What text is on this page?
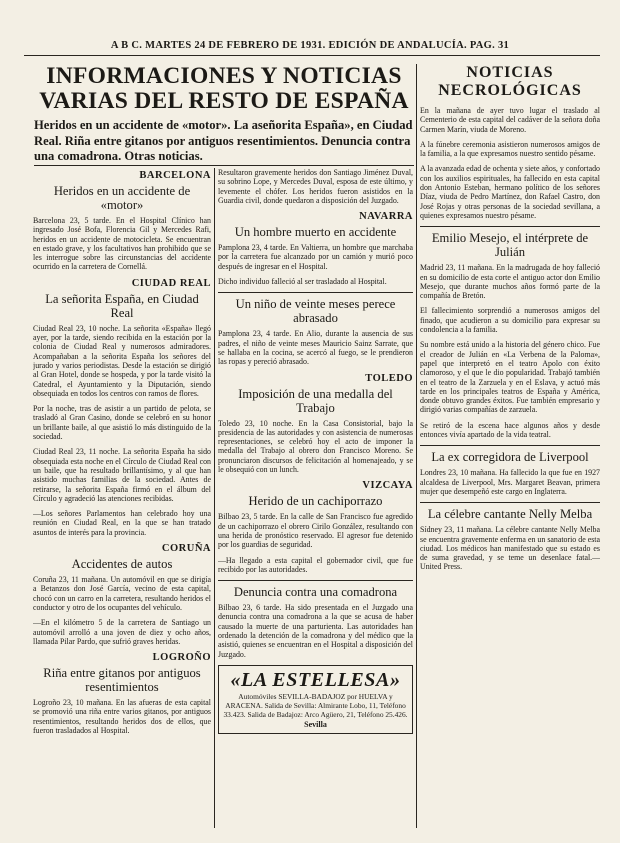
A B C. MARTES 24 DE FEBRERO DE 1931. EDICIÓN DE ANDALUCÍA. PAG. 31
INFORMACIONES Y NOTICIAS VARIAS DEL RESTO DE ESPAÑA
Heridos en un accidente de «motor». La aseñorita España», en Ciudad Real. Riña entre gitanos por antiguos resentimientos. Denuncia contra una comadrona. Otras noticias.
BARCELONA
Heridos en un accidente de «motor»

Barcelona 23, 5 tarde. En el Hospital Clínico han ingresado José Bofa, Florencia Gil y Mercedes Rafi, heridos en un accidente de motocicleta. Se encuentran en estado grave, y los facultativos han prohibido que se les interrogue sobre las circunstancias del accidente ocurrido en la carretera de Cornellá.

CIUDAD REAL
La señorita España, en Ciudad Real

Ciudad Real 23, 10 noche. La señorita «España» llegó ayer, por la tarde, siendo recibida en la estación por la colonia de Ciudad Real y numerosos admiradores. Acompañaban a la señorita España los señores del jurado y varios periodistas. Desde la estación se dirigió al Gran Hotel, donde se hospeda, y por la tarde visitó la Catedral, el Ayuntamiento y la Diputación, siendo obsequiada en todos los centros con ramos de flores.

Por la noche, tras de asistir a un partido de pelota, se trasladó al Gran Casino, donde se celebró en su honor un brillante baile, al que asistió lo más distinguido de la sociedad.

Ciudad Real 23, 11 noche. La señorita España ha sido obsequiada esta noche en el Círculo de Ciudad Real con un baile, que ha resultado brillantísimo, y al que han asistido muchas familias de la sociedad. Antes de retirarse, la señorita España firmó en el álbum del Círculo y agradeció las atenciones recibidas.

—Los señores Parlamentos han celebrado hoy una reunión en Ciudad Real, en la que se han tratado asuntos de interés para la provincia.

CORUÑA
Accidentes de autos

Coruña 23, 11 mañana. Un automóvil en que se dirigía a Betanzos don José García, vecino de esta capital, chocó con un carro en la carretera, resultando heridos el conductor y otro de los ocupantes del vehículo.

—En el kilómetro 5 de la carretera de Santiago un automóvil arrolló a una joven de diez y ocho años, llamada Pilar Pardo, que sufrió graves heridas.

LOGROÑO
Riña entre gitanos por antiguos resentimientos

Logroño 23, 10 mañana. En las afueras de esta capital se promovió una riña entre varios gitanos, por antiguos resentimientos, resultando heridos dos de ellos, que fueron trasladados al Hospital.

Resultaron gravemente heridos don Santiago Jiménez Duval, su sobrino Lope, y Mercedes Duval, esposa de este último, y levemente el chófer. Los heridos fueron asistidos en la Guardia civil, donde quedaron a disposición del Juzgado.

NAVARRA
Un hombre muerto en accidente

Pamplona 23, 4 tarde. En Valtierra, un hombre que marchaba por la carretera fue alcanzado por un camión y murió poco después de ingresar en el Hospital.

Dicho individuo falleció al ser trasladado al Hospital.

Un niño de veinte meses perece abrasado

Pamplona 23, 4 tarde. En Alio, durante la ausencia de sus padres, el niño de veinte meses Mauricio Sainz Sarrate, que se hallaba en la cocina, se acercó al fuego, se le prendieron las ropas y pereció abrasado.

TOLEDO
Imposición de una medalla del Trabajo

Toledo 23, 10 noche. En la Casa Consistorial, bajo la presidencia de las autoridades y con asistencia de numerosas representaciones, se celebró hoy el acto de imponer la medalla del Trabajo al obrero don Francisco Moreno. Se pronunciaron discursos de felicitación al homenajeado, y se le obsequió con un lunch.

VIZCAYA
Herido de un cachiporrazo

Bilbao 23, 5 tarde. En la calle de San Francisco fue agredido de un cachiporrazo el obrero Cirilo González, resultando con una herida de pronóstico reservado. El agresor fue detenido por los guardias de seguridad.

—Ha llegado a esta capital el gobernador civil, que fue recibido por las autoridades.

Denuncia contra una comadrona

Bilbao 23, 6 tarde. Ha sido presentada en el Juzgado una denuncia contra una comadrona a la que se acusa de haber causado la muerte de una parturienta. Las autoridades han ordenado la detención de la comadrona y del médico que la asistió, quienes se encuentran en el Hospital a disposición del Juzgado.

«LA ESTELLESA»

Automóviles SEVILLA-BADAJOZ por HUELVA y ARACENA. Salida de Sevilla: Almirante Lobo, 11, Teléfono 33.423. Salida de Badajoz: Arco Agüero, 21, Teléfono 25.426.

Sevilla

NOTICIAS NECROLÓGICAS

En la mañana de ayer tuvo lugar el traslado al Cementerio de esta capital del cadáver de la señora doña Carmen Marín, viuda de Moreno.

A la fúnebre ceremonia asistieron numerosos amigos de la familia, a la que expresamos nuestro sentido pésame.

A la avanzada edad de ochenta y siete años, y confortado con los auxilios espirituales, ha fallecido en esta capital don Antonio Esteban, hermano político de los señores Díaz, viuda de Pedro Martínez, don Rafael Castro, don José Rojas y otras personas de la sociedad sevillana, a quienes expresamos nuestro pésame.

Emilio Mesejo, el intérprete de Julián

Madrid 23, 11 mañana. En la madrugada de hoy falleció en su domicilio de esta corte el antiguo actor don Emilio Mesejo, que durante muchos años formó parte de la compañía de Bretón.

El fallecimiento sorprendió a numerosos amigos del finado, que acudieron a su domicilio para expresar su condolencia a la familia.

Su nombre está unido a la historia del género chico. Fue el creador de Julián en «La Verbena de la Paloma», papel que interpretó en el teatro Apolo con éxito clamoroso, y el que le dio popularidad. Trabajó también en el teatro de la Zarzuela y en el Eslava, y actuó más tarde en los principales teatros de España y América, donde obtuvo grandes éxitos. Fue también empresario y dirigió varias compañías de zarzuela.

Se retiró de la escena hace algunos años y desde entonces vivía apartado de la vida teatral.

La ex corregidora de Liverpool

Londres 23, 10 mañana. Ha fallecido la que fue en 1927 alcaldesa de Liverpool, Mrs. Margaret Beavan, primera mujer que desempeñó este cargo en Inglaterra.

La célebre cantante Nelly Melba

Sídney 23, 11 mañana. La célebre cantante Nelly Melba se encuentra gravemente enferma en un sanatorio de esta ciudad. Los médicos han manifestado que su estado es de suma gravedad, y se teme un desenlace fatal.—United Press.
